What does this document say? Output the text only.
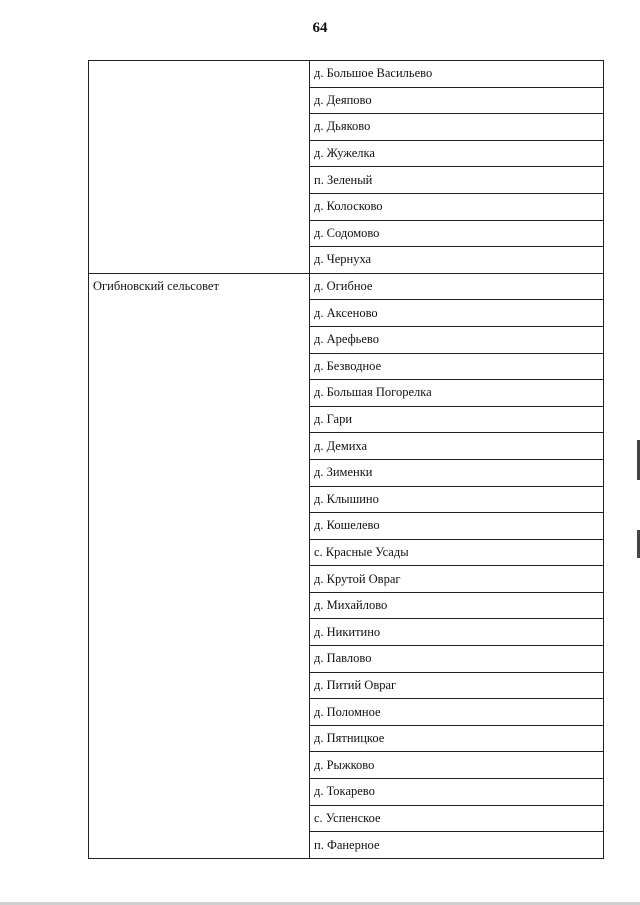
64
	д. Большое Васильево
	д. Деяпово
	д. Дьяково
	д. Жужелка
	п. Зеленый
	д. Колосково
	д. Содомово
	д. Чернуха
Огибновский сельсовет	д. Огибное
	д. Аксеново
	д. Арефьево
	д. Безводное
	д. Большая Погорелка
	д. Гари
	д. Демиха
	д. Зименки
	д. Клышино
	д. Кошелево
	с. Красные Усады
	д. Крутой Овраг
	д. Михайлово
	д. Никитино
	д. Павлово
	д. Питий Овраг
	д. Поломное
	д. Пятницкое
	д. Рыжково
	д. Токарево
	с. Успенское
	п. Фанерное
